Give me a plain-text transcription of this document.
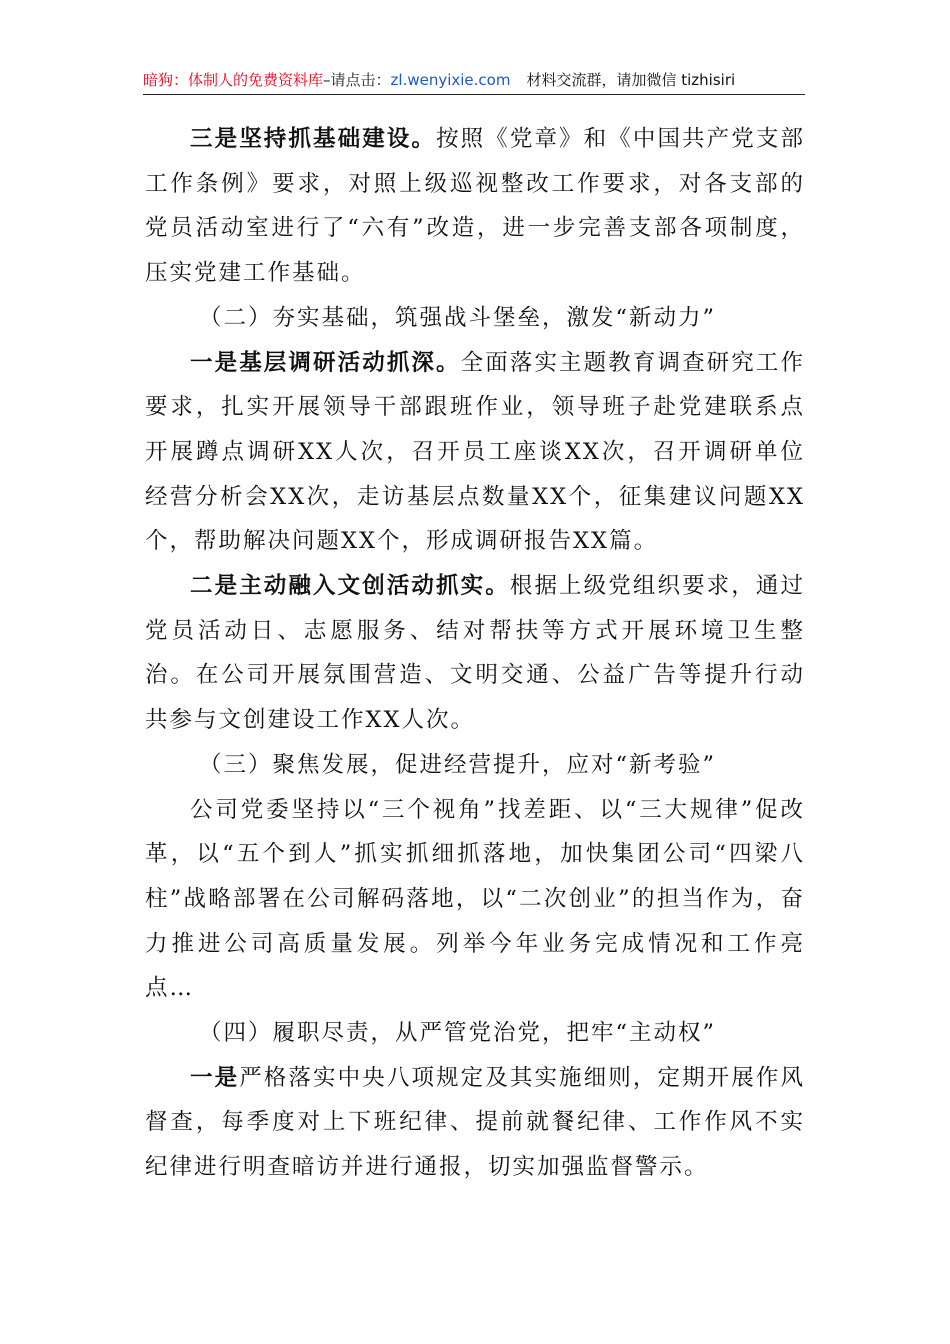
暗狗：体制人的免费资料库–请点击：zl.wenyixie.com 材料交流群，请加微信 tizhisiri

三是坚持抓基础建设。按照《党章》和《中国共产党支部工作条例》要求，对照上级巡视整改工作要求，对各支部的党员活动室进行了“六有”改造，进一步完善支部各项制度，压实党建工作基础。

（二）夯实基础，筑强战斗堡垒，激发“新动力”

一是基层调研活动抓深。全面落实主题教育调查研究工作要求，扎实开展领导干部跟班作业，领导班子赴党建联系点开展蹲点调研XX人次，召开员工座谈XX次，召开调研单位经营分析会XX次，走访基层点数量XX个，征集建议问题XX个，帮助解决问题XX个，形成调研报告XX篇。

二是主动融入文创活动抓实。根据上级党组织要求，通过党员活动日、志愿服务、结对帮扶等方式开展环境卫生整治。在公司开展氛围营造、文明交通、公益广告等提升行动共参与文创建设工作XX人次。

（三）聚焦发展，促进经营提升，应对“新考验”

公司党委坚持以“三个视角”找差距、以“三大规律”促改革，以“五个到人”抓实抓细抓落地，加快集团公司“四梁八柱”战略部署在公司解码落地，以“二次创业”的担当作为，奋力推进公司高质量发展。列举今年业务完成情况和工作亮点…

（四）履职尽责，从严管党治党，把牢“主动权”

一是严格落实中央八项规定及其实施细则，定期开展作风督查，每季度对上下班纪律、提前就餐纪律、工作作风不实纪律进行明查暗访并进行通报，切实加强监督警示。
